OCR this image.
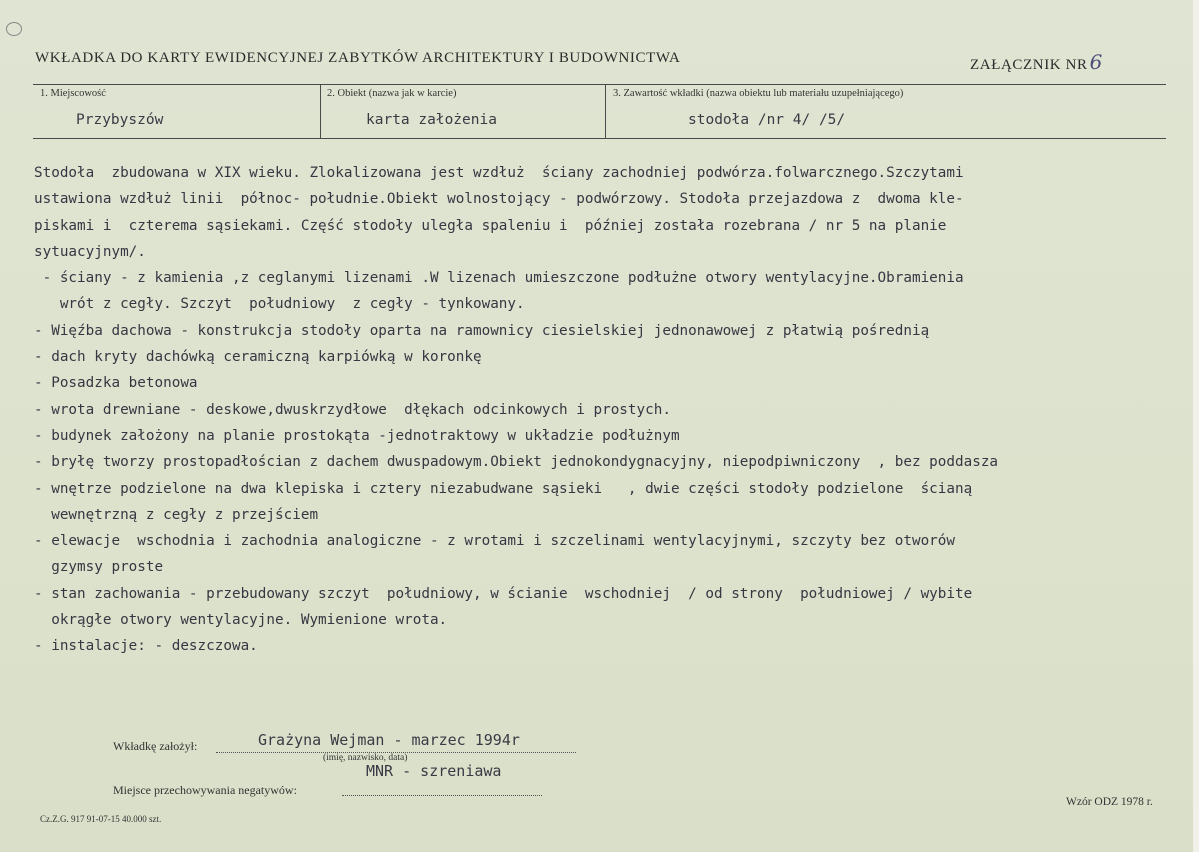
WKŁADKA DO KARTY EWIDENCYJNEJ ZABYTKÓW ARCHITEKTURY I BUDOWNICTWA	ZAŁĄCZNIK NR 6
1. Miejscowość	2. Obiekt (nazwa jak w karcie)	3. Zawartość wkładki (nazwa obiektu lub materiału uzupełniającego)
Przybyszów	karta założenia	stodoła /nr 4/ /5/
Stodoła  zbudowana w XIX wieku. Zlokalizowana jest wzdłuż  ściany zachodniej podwórza.folwarcznego.Szczytami
ustawiona wzdłuż linii  północ- południe.Obiekt wolnostojący - podwórzowy. Stodoła przejazdowa z  dwoma kle-
piskami i  czterema sąsiekami. Część stodoły uległa spaleniu i  później została rozebrana / nr 5 na planie
sytuacyjnym/.
- ściany - z kamienia ,z ceglanymi lizenami .W lizenach umieszczone podłużne otwory wentylacyjne.Obramienia
wrót z cegły. Szczyt  południowy  z cegły - tynkowany.
- Więźba dachowa - konstrukcja stodoły oparta na ramownicy ciesielskiej jednonawowej z płatwią pośrednią
- dach kryty dachówką ceramiczną karpiówką w koronkę
- Posadzka betonowa
- wrota drewniane - deskowe,dwuskrzydłowe  dłękach odcinkowych i prostych.
- budynek założony na planie prostokąta -jednotraktowy w układzie podłużnym
- bryłę tworzy prostopadłościan z dachem dwuspadowym.Obiekt jednokondygnacyjny, niepodpiwniczony  , bez poddasza
- wnętrze podzielone na dwa klepiska i cztery niezabudwane sąsieki   , dwie części stodoły podzielone  ścianą
wewnętrzną z cegły z przejściem
- elewacje  wschodnia i zachodnia analogiczne - z wrotami i szczelinami wentylacyjnymi, szczyty bez otworów
gzymsy proste
- stan zachowania - przebudowany szczyt  południowy, w ścianie  wschodniej  / od strony  południowej / wybite
okrągłe otwory wentylacyjne. Wymienione wrota.
- instalacje: - deszczowa.
Wkładkę założył:	Grażyna Wejman - marzec 1994r
(imię, nazwisko, data)
MNR - szreniawa
Miejsce przechowywania negatywów:
Cz.Z.G. 917 91-07-15 40.000 szt.
Wzór ODZ 1978 r.
